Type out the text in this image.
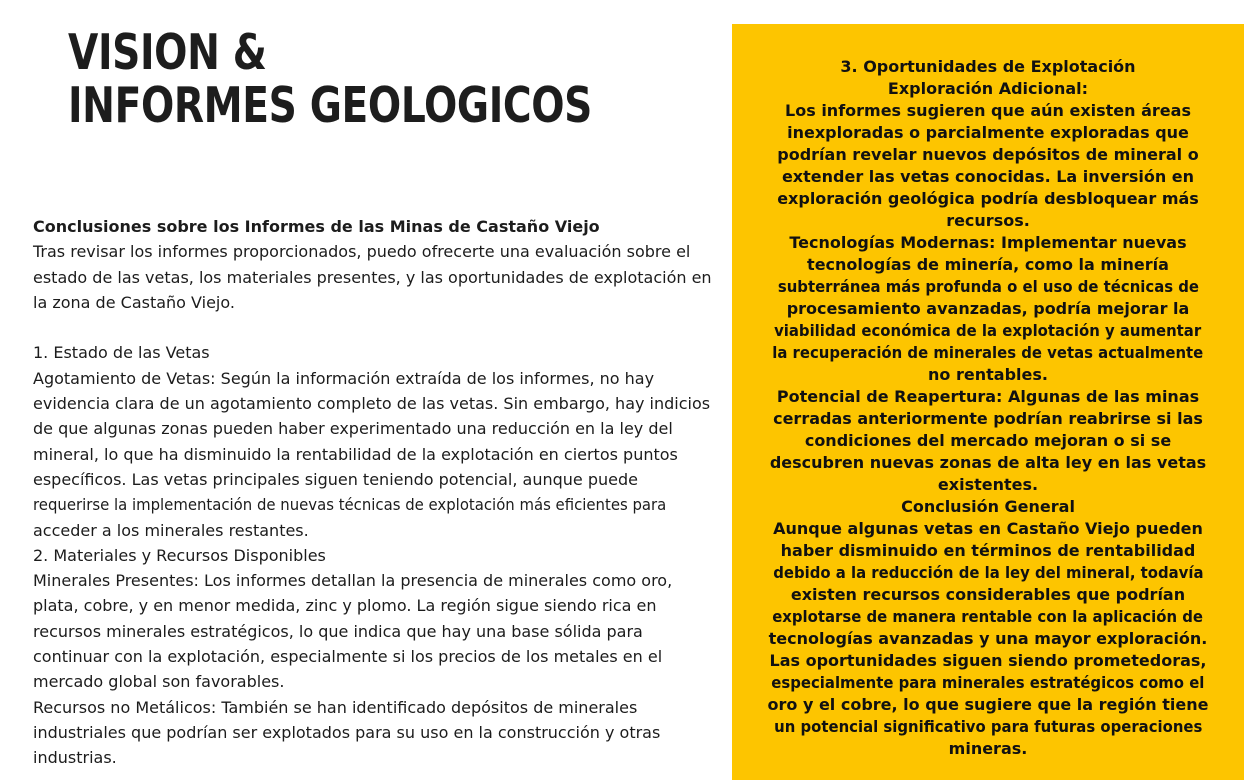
VISION &
INFORMES GEOLOGICOS

Conclusiones sobre los Informes de las Minas de Castaño Viejo

Tras revisar los informes proporcionados, puedo ofrecerte una evaluación sobre el

estado de las vetas, los materiales presentes, y las oportunidades de explotación en

la zona de Castaño Viejo.

1. Estado de las Vetas

Agotamiento de Vetas: Según la información extraída de los informes, no hay

evidencia clara de un agotamiento completo de las vetas. Sin embargo, hay indicios

de que algunas zonas pueden haber experimentado una reducción en la ley del

mineral, lo que ha disminuido la rentabilidad de la explotación en ciertos puntos

específicos. Las vetas principales siguen teniendo potencial, aunque puede

requerirse la implementación de nuevas técnicas de explotación más eficientes para

acceder a los minerales restantes.

2. Materiales y Recursos Disponibles

Minerales Presentes: Los informes detallan la presencia de minerales como oro,

plata, cobre, y en menor medida, zinc y plomo. La región sigue siendo rica en

recursos minerales estratégicos, lo que indica que hay una base sólida para

continuar con la explotación, especialmente si los precios de los metales en el

mercado global son favorables.

Recursos no Metálicos: También se han identificado depósitos de minerales

industriales que podrían ser explotados para su uso en la construcción y otras

industrias.

3. Oportunidades de Explotación

Exploración Adicional:

Los informes sugieren que aún existen áreas

inexploradas o parcialmente exploradas que

podrían revelar nuevos depósitos de mineral o

extender las vetas conocidas. La inversión en

exploración geológica podría desbloquear más

recursos.

Tecnologías Modernas: Implementar nuevas

tecnologías de minería, como la minería

subterránea más profunda o el uso de técnicas de

procesamiento avanzadas, podría mejorar la

viabilidad económica de la explotación y aumentar

la recuperación de minerales de vetas actualmente

no rentables.

Potencial de Reapertura: Algunas de las minas

cerradas anteriormente podrían reabrirse si las

condiciones del mercado mejoran o si se

descubren nuevas zonas de alta ley en las vetas

existentes.

Conclusión General

Aunque algunas vetas en Castaño Viejo pueden

haber disminuido en términos de rentabilidad

debido a la reducción de la ley del mineral, todavía

existen recursos considerables que podrían

explotarse de manera rentable con la aplicación de

tecnologías avanzadas y una mayor exploración.

Las oportunidades siguen siendo prometedoras,

especialmente para minerales estratégicos como el

oro y el cobre, lo que sugiere que la región tiene

un potencial significativo para futuras operaciones

mineras.
